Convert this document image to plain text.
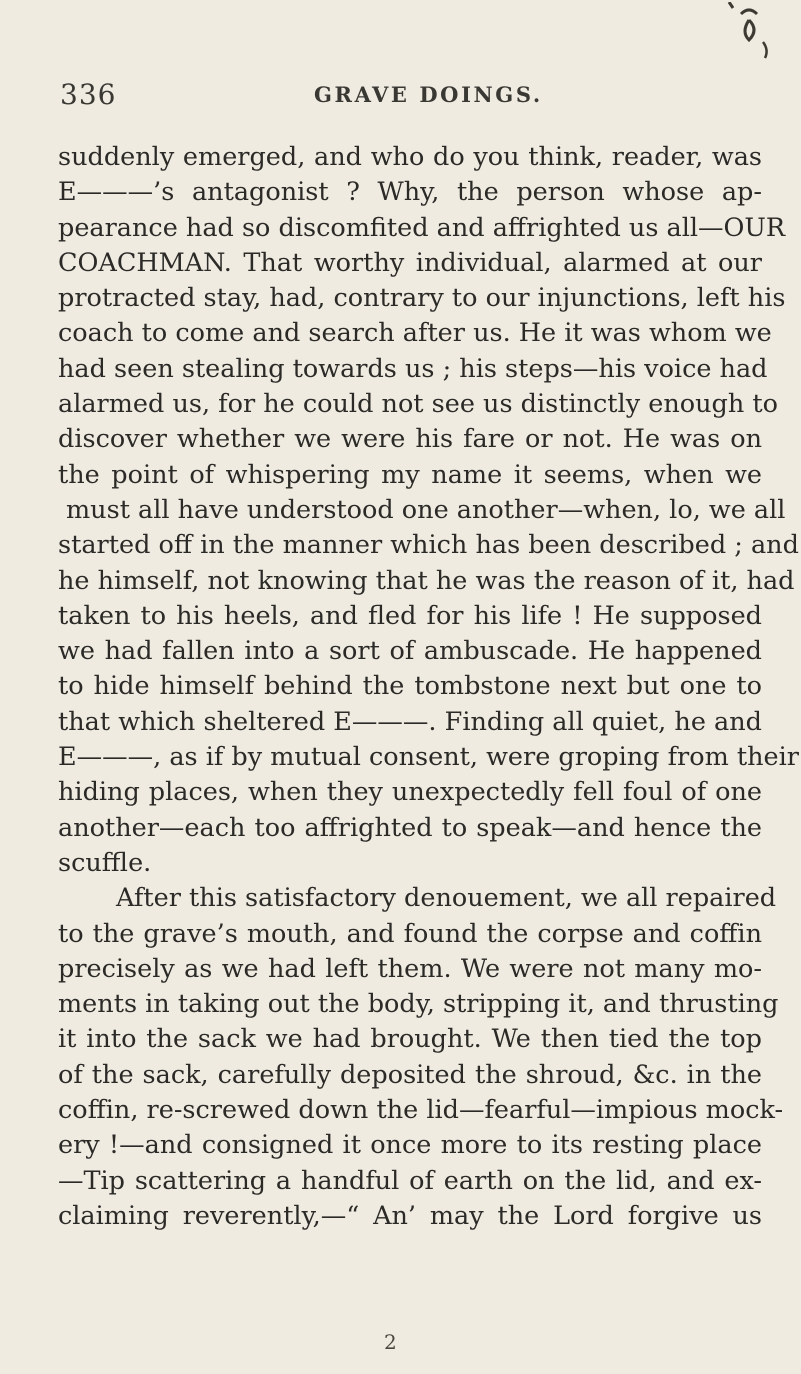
336	GRAVE DOINGS.
suddenly emerged, and who do you think, reader, was
E———’s antagonist ? Why, the person whose ap-
pearance had so discomfited and affrighted us all—OUR
COACHMAN. That worthy individual, alarmed at our
protracted stay, had, contrary to our injunctions, left his
coach to come and search after us. He it was whom we
had seen stealing towards us ; his steps—his voice had
alarmed us, for he could not see us distinctly enough to
discover whether we were his fare or not. He was on
the point of whispering my name it seems, when we
must all have understood one another—when, lo, we all
started off in the manner which has been described ; and
he himself, not knowing that he was the reason of it, had
taken to his heels, and fled for his life ! He supposed
we had fallen into a sort of ambuscade. He happened
to hide himself behind the tombstone next but one to
that which sheltered E———. Finding all quiet, he and
E———, as if by mutual consent, were groping from their
hiding places, when they unexpectedly fell foul of one
another—each too affrighted to speak—and hence the
scuffle.
After this satisfactory denouement, we all repaired
to the grave’s mouth, and found the corpse and coffin
precisely as we had left them. We were not many mo-
ments in taking out the body, stripping it, and thrusting
it into the sack we had brought. We then tied the top
of the sack, carefully deposited the shroud, &c. in the
coffin, re-screwed down the lid—fearful—impious mock-
ery !—and consigned it once more to its resting place
—Tip scattering a handful of earth on the lid, and ex-
claiming reverently,—“ An’ may the Lord forgive us
2
